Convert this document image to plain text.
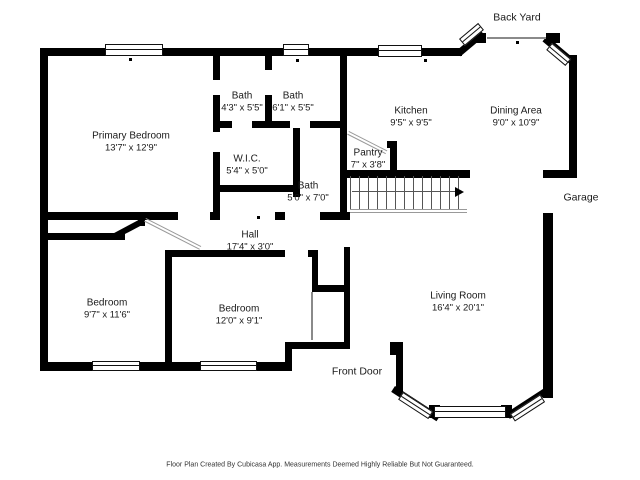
Primary Bedroom
13'7" x 12'9"
Bath
4'3" x 5'5"
Bath
6'1" x 5'5"
W.I.C.
5'4" x 5'0"
Bath
5'0" x 7'0"
Pantry
7" x 3'8"
Kitchen
9'5" x 9'5"
Dining Area
9'0" x 10'9"
Hall
17'4" x 3'0"
Bedroom
9'7" x 11'6"	Bedroom
12'0" x 9'1"
Living Room
16'4" x 20'1"
Back Yard
Garage
Front Door
Floor Plan Created By Cubicasa App. Measurements Deemed Highly Reliable But Not Guaranteed.
